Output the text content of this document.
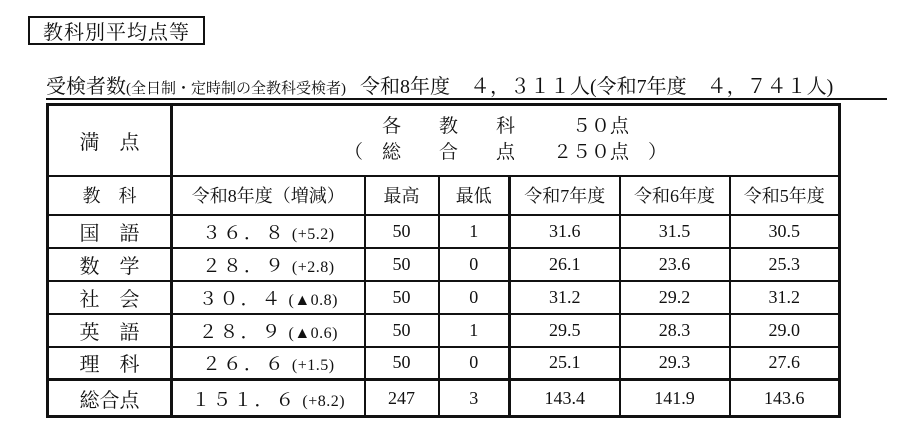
教科別平均点等
受検者数 (全日制・定時制の全教科受検者) 令和8年度　４，３１１人(令和7年度　４，７４１人)
満　点	各　　教　　科　　　５０点
（　総　　合　　点　　２５０点　）					

教　科	令和8年度（増減）	最高	最低	令和7年度	令和6年度	令和5年度
国　語	３６．８ (+5.2)	50	1	31.6	31.5	30.5
数　学	２８．９ (+2.8)	50	0	26.1	23.6	25.3
社　会	３０．４ (▲0.8)	50	0	31.2	29.2	31.2
英　語	２８．９ (▲0.6)	50	1	29.5	28.3	29.0
理　科	２６．６ (+1.5)	50	0	25.1	29.3	27.6
総合点	１５１．６ (+8.2)	247	3	143.4	141.9	143.6
